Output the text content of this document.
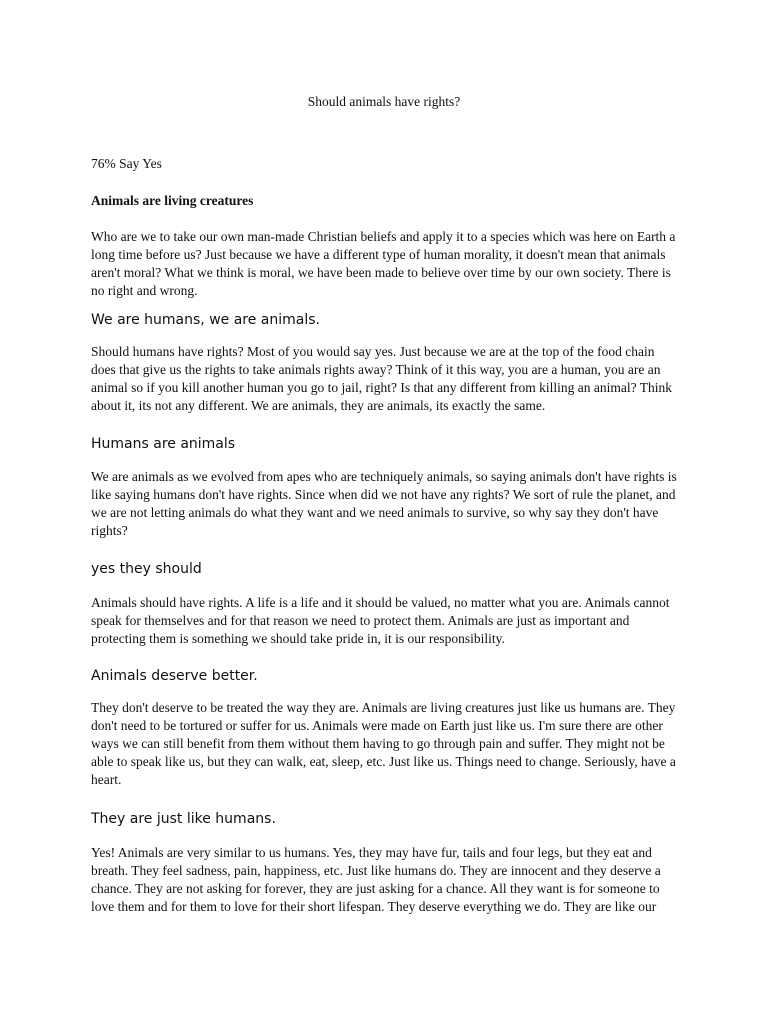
Should animals have rights?
76% Say Yes
Animals are living creatures

Who are we to take our own man-made Christian beliefs and apply it to a species which was here on Earth a long time before us? Just because we have a different type of human morality, it doesn't mean that animals aren't moral? What we think is moral, we have been made to believe over time by our own society. There is no right and wrong.

We are humans, we are animals.

Should humans have rights? Most of you would say yes. Just because we are at the top of the food chain does that give us the rights to take animals rights away? Think of it this way, you are a human, you are an animal so if you kill another human you go to jail, right? Is that any different from killing an animal? Think about it, its not any different. We are animals, they are animals, its exactly the same.

Humans are animals

We are animals as we evolved from apes who are techniquely animals, so saying animals don't have rights is like saying humans don't have rights. Since when did we not have any rights? We sort of rule the planet, and we are not letting animals do what they want and we need animals to survive, so why say they don't have rights?

yes they should

Animals should have rights. A life is a life and it should be valued, no matter what you are. Animals cannot speak for themselves and for that reason we need to protect them. Animals are just as important and protecting them is something we should take pride in, it is our responsibility.

Animals deserve better.

They don't deserve to be treated the way they are. Animals are living creatures just like us humans are. They don't need to be tortured or suffer for us. Animals were made on Earth just like us. I'm sure there are other ways we can still benefit from them without them having to go through pain and suffer. They might not be able to speak like us, but they can walk, eat, sleep, etc. Just like us. Things need to change. Seriously, have a heart.

They are just like humans.

Yes! Animals are very similar to us humans. Yes, they may have fur, tails and four legs, but they eat and breath. They feel sadness, pain, happiness, etc. Just like humans do. They are innocent and they deserve a chance. They are not asking for forever, they are just asking for a chance. All they want is for someone to love them and for them to love for their short lifespan. They deserve everything we do. They are like our
